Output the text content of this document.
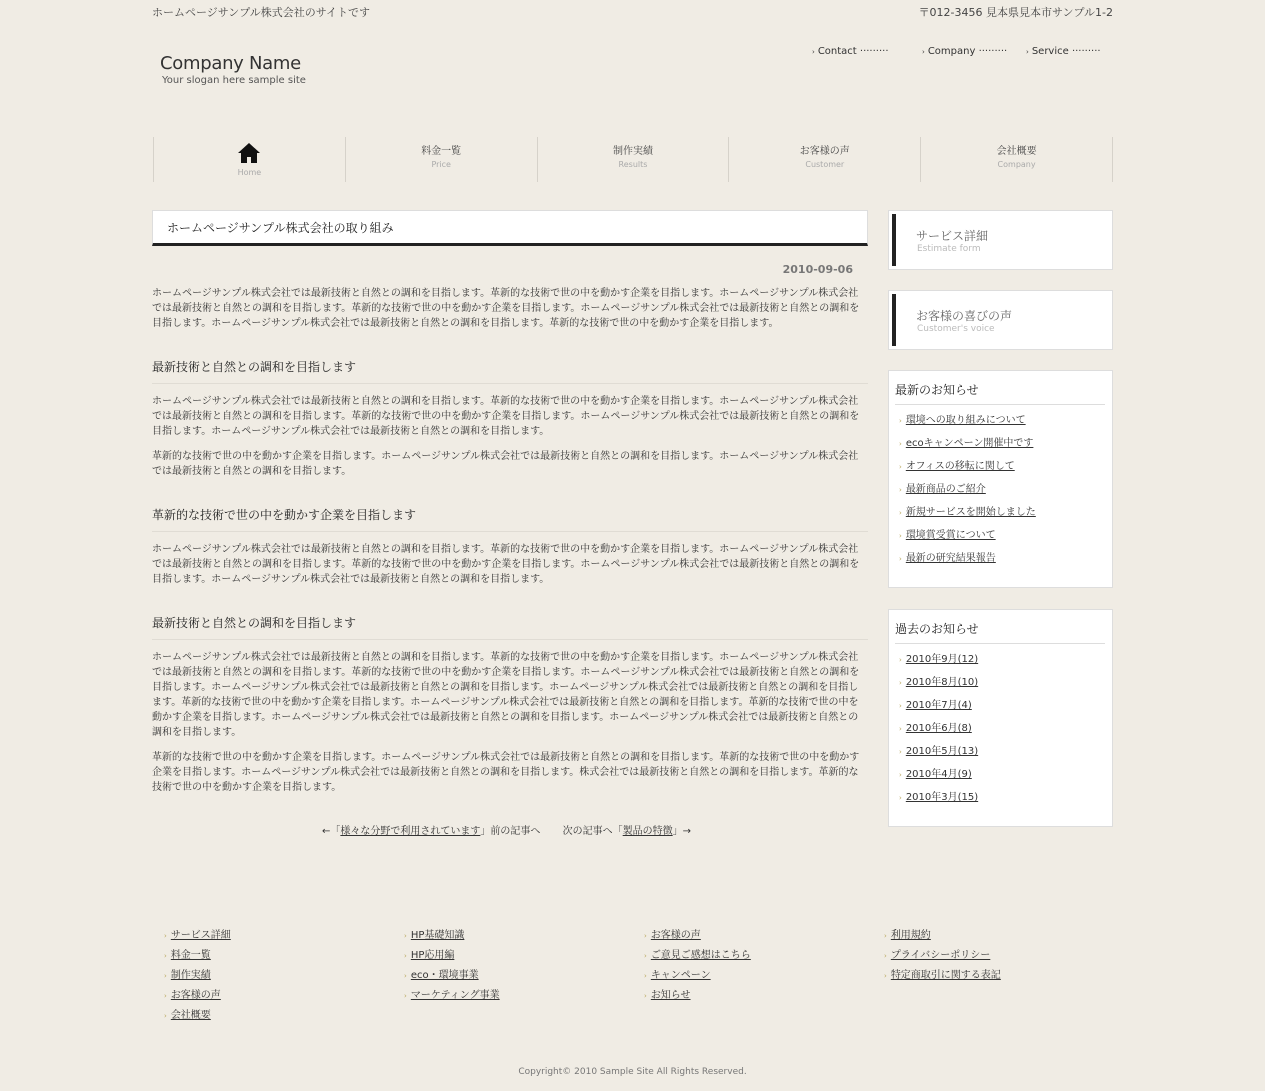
ホームページサンプル株式会社のサイトです	〒012-3456 見本県見本市サンプル1-2
Company Name
Your slogan here sample site
› Contact ·········	› Company ·········	› Service ·········
Home
料金一覧
Price
制作実績
Results
お客様の声
Customer
会社概要
Company
ホームページサンプル株式会社の取り組み
2010-09-06

ホームページサンプル株式会社では最新技術と自然との調和を目指します。革新的な技術で世の中を動かす企業を目指します。ホームページサンプル株式会社では最新技術と自然との調和を目指します。革新的な技術で世の中を動かす企業を目指します。ホームページサンプル株式会社では最新技術と自然との調和を目指します。ホームページサンプル株式会社では最新技術と自然との調和を目指します。革新的な技術で世の中を動かす企業を目指します。

最新技術と自然との調和を目指します

ホームページサンプル株式会社では最新技術と自然との調和を目指します。革新的な技術で世の中を動かす企業を目指します。ホームページサンプル株式会社では最新技術と自然との調和を目指します。革新的な技術で世の中を動かす企業を目指します。ホームページサンプル株式会社では最新技術と自然との調和を目指します。ホームページサンプル株式会社では最新技術と自然との調和を目指します。

革新的な技術で世の中を動かす企業を目指します。ホームページサンプル株式会社では最新技術と自然との調和を目指します。ホームページサンプル株式会社では最新技術と自然との調和を目指します。

革新的な技術で世の中を動かす企業を目指します

ホームページサンプル株式会社では最新技術と自然との調和を目指します。革新的な技術で世の中を動かす企業を目指します。ホームページサンプル株式会社では最新技術と自然との調和を目指します。革新的な技術で世の中を動かす企業を目指します。ホームページサンプル株式会社では最新技術と自然との調和を目指します。ホームページサンプル株式会社では最新技術と自然との調和を目指します。

最新技術と自然との調和を目指します

ホームページサンプル株式会社では最新技術と自然との調和を目指します。革新的な技術で世の中を動かす企業を目指します。ホームページサンプル株式会社では最新技術と自然との調和を目指します。革新的な技術で世の中を動かす企業を目指します。ホームページサンプル株式会社では最新技術と自然との調和を目指します。ホームページサンプル株式会社では最新技術と自然との調和を目指します。ホームページサンプル株式会社では最新技術と自然との調和を目指します。革新的な技術で世の中を動かす企業を目指します。ホームページサンプル株式会社では最新技術と自然との調和を目指します。革新的な技術で世の中を動かす企業を目指します。ホームページサンプル株式会社では最新技術と自然との調和を目指します。ホームページサンプル株式会社では最新技術と自然との調和を目指します。

革新的な技術で世の中を動かす企業を目指します。ホームページサンプル株式会社では最新技術と自然との調和を目指します。革新的な技術で世の中を動かす企業を目指します。ホームページサンプル株式会社では最新技術と自然との調和を目指します。株式会社では最新技術と自然との調和を目指します。革新的な技術で世の中を動かす企業を目指します。

←「様々な分野で利用されています」前の記事へ 次の記事へ「製品の特徴」→
サービス詳細
Estimate form
お客様の喜びの声
Customer's voice
最新のお知らせ
› 環境への取り組みについて
› ecoキャンペーン開催中です
› オフィスの移転に関して
› 最新商品のご紹介
› 新規サービスを開始しました
› 環境賞受賞について
› 最新の研究結果報告
過去のお知らせ
› 2010年9月(12)
› 2010年8月(10)
› 2010年7月(4)
› 2010年6月(8)
› 2010年5月(13)
› 2010年4月(9)
› 2010年3月(15)
› サービス詳細
› 料金一覧
› 制作実績
› お客様の声
› 会社概要
› HP基礎知識
› HP応用編
› eco・環境事業
› マーケティング事業
› お客様の声
› ご意見ご感想はこちら
› キャンペーン
› お知らせ
› 利用規約
› プライバシーポリシー
› 特定商取引に関する表記
Copyright© 2010 Sample Site All Rights Reserved.
